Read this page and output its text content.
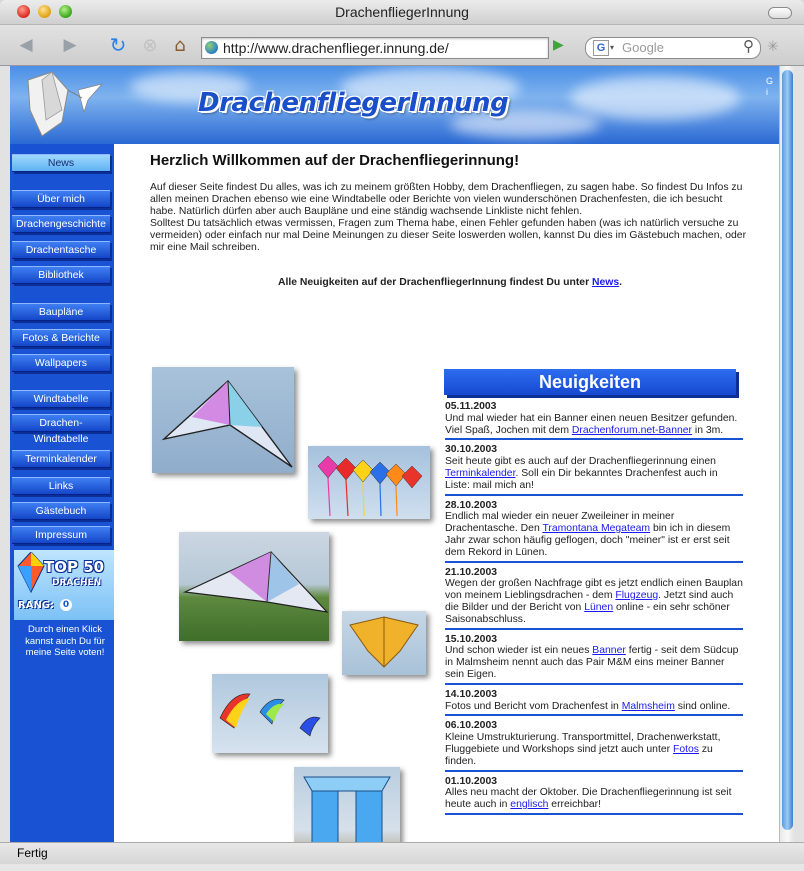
DrachenfliegerInnung
◀ ▶ ↻ ⊗ ⌂	http://www.drachenflieger.innung.de/	▶	G ▾ Google	⚲ ✳
DrachenfliegerInnung
G
i
News
Über mich
Drachengeschichte
Drachentasche
Bibliothek
Baupläne
Fotos & Berichte
Wallpapers
Windtabelle
Drachen-Windtabelle
Terminkalender
Links
Gästebuch
Impressum
TOP 50
DRACHEN
RANG: 0
Durch einen Klick kannst auch Du für meine Seite voten!
Herzlich Willkommen auf der Drachenfliegerinnung!
Auf dieser Seite findest Du alles, was ich zu meinem größten Hobby, dem Drachenfliegen, zu sagen habe. So findest Du Infos zu allen meinen Drachen ebenso wie eine Windtabelle oder Berichte von vielen wunderschönen Drachenfesten, die ich besucht habe. Natürlich dürfen aber auch Baupläne und eine ständig wachsende Linkliste nicht fehlen.
Solltest Du tatsächlich etwas vermissen, Fragen zum Thema habe, einen Fehler gefunden haben (was ich natürlich versuche zu vermeiden) oder einfach nur mal Deine Meinungen zu dieser Seite loswerden wollen, kannst Du dies im Gästebuch machen, oder mir eine Mail schreiben.
Alle Neuigkeiten auf der DrachenfliegerInnung findest Du unter News.
Neuigkeiten
05.11.2003
Und mal wieder hat ein Banner einen neuen Besitzer gefunden. Viel Spaß, Jochen mit dem Drachenforum.net-Banner in 3m.
30.10.2003
Seit heute gibt es auch auf der Drachenfliegerinnung einen Terminkalender. Soll ein Dir bekanntes Drachenfest auch in Liste: mail mich an!
28.10.2003
Endlich mal wieder ein neuer Zweileiner in meiner Drachentasche. Den Tramontana Megateam bin ich in diesem Jahr zwar schon häufig geflogen, doch "meiner" ist er erst seit dem Rekord in Lünen.
21.10.2003
Wegen der großen Nachfrage gibt es jetzt endlich einen Bauplan von meinem Lieblingsdrachen - dem Flugzeug. Jetzt sind auch die Bilder und der Bericht von Lünen online - ein sehr schöner Saisonabschluss.
15.10.2003
Und schon wieder ist ein neues Banner fertig - seit dem Südcup in Malmsheim nennt auch das Pair M&M eins meiner Banner sein Eigen.
14.10.2003
Fotos und Bericht vom Drachenfest in Malmsheim sind online.
06.10.2003
Kleine Umstrukturierung. Transportmittel, Drachenwerkstatt, Fluggebiete und Workshops sind jetzt auch unter Fotos zu finden.
01.10.2003
Alles neu macht der Oktober. Die Drachenfliegerinnung ist seit heute auch in englisch erreichbar!
Fertig
